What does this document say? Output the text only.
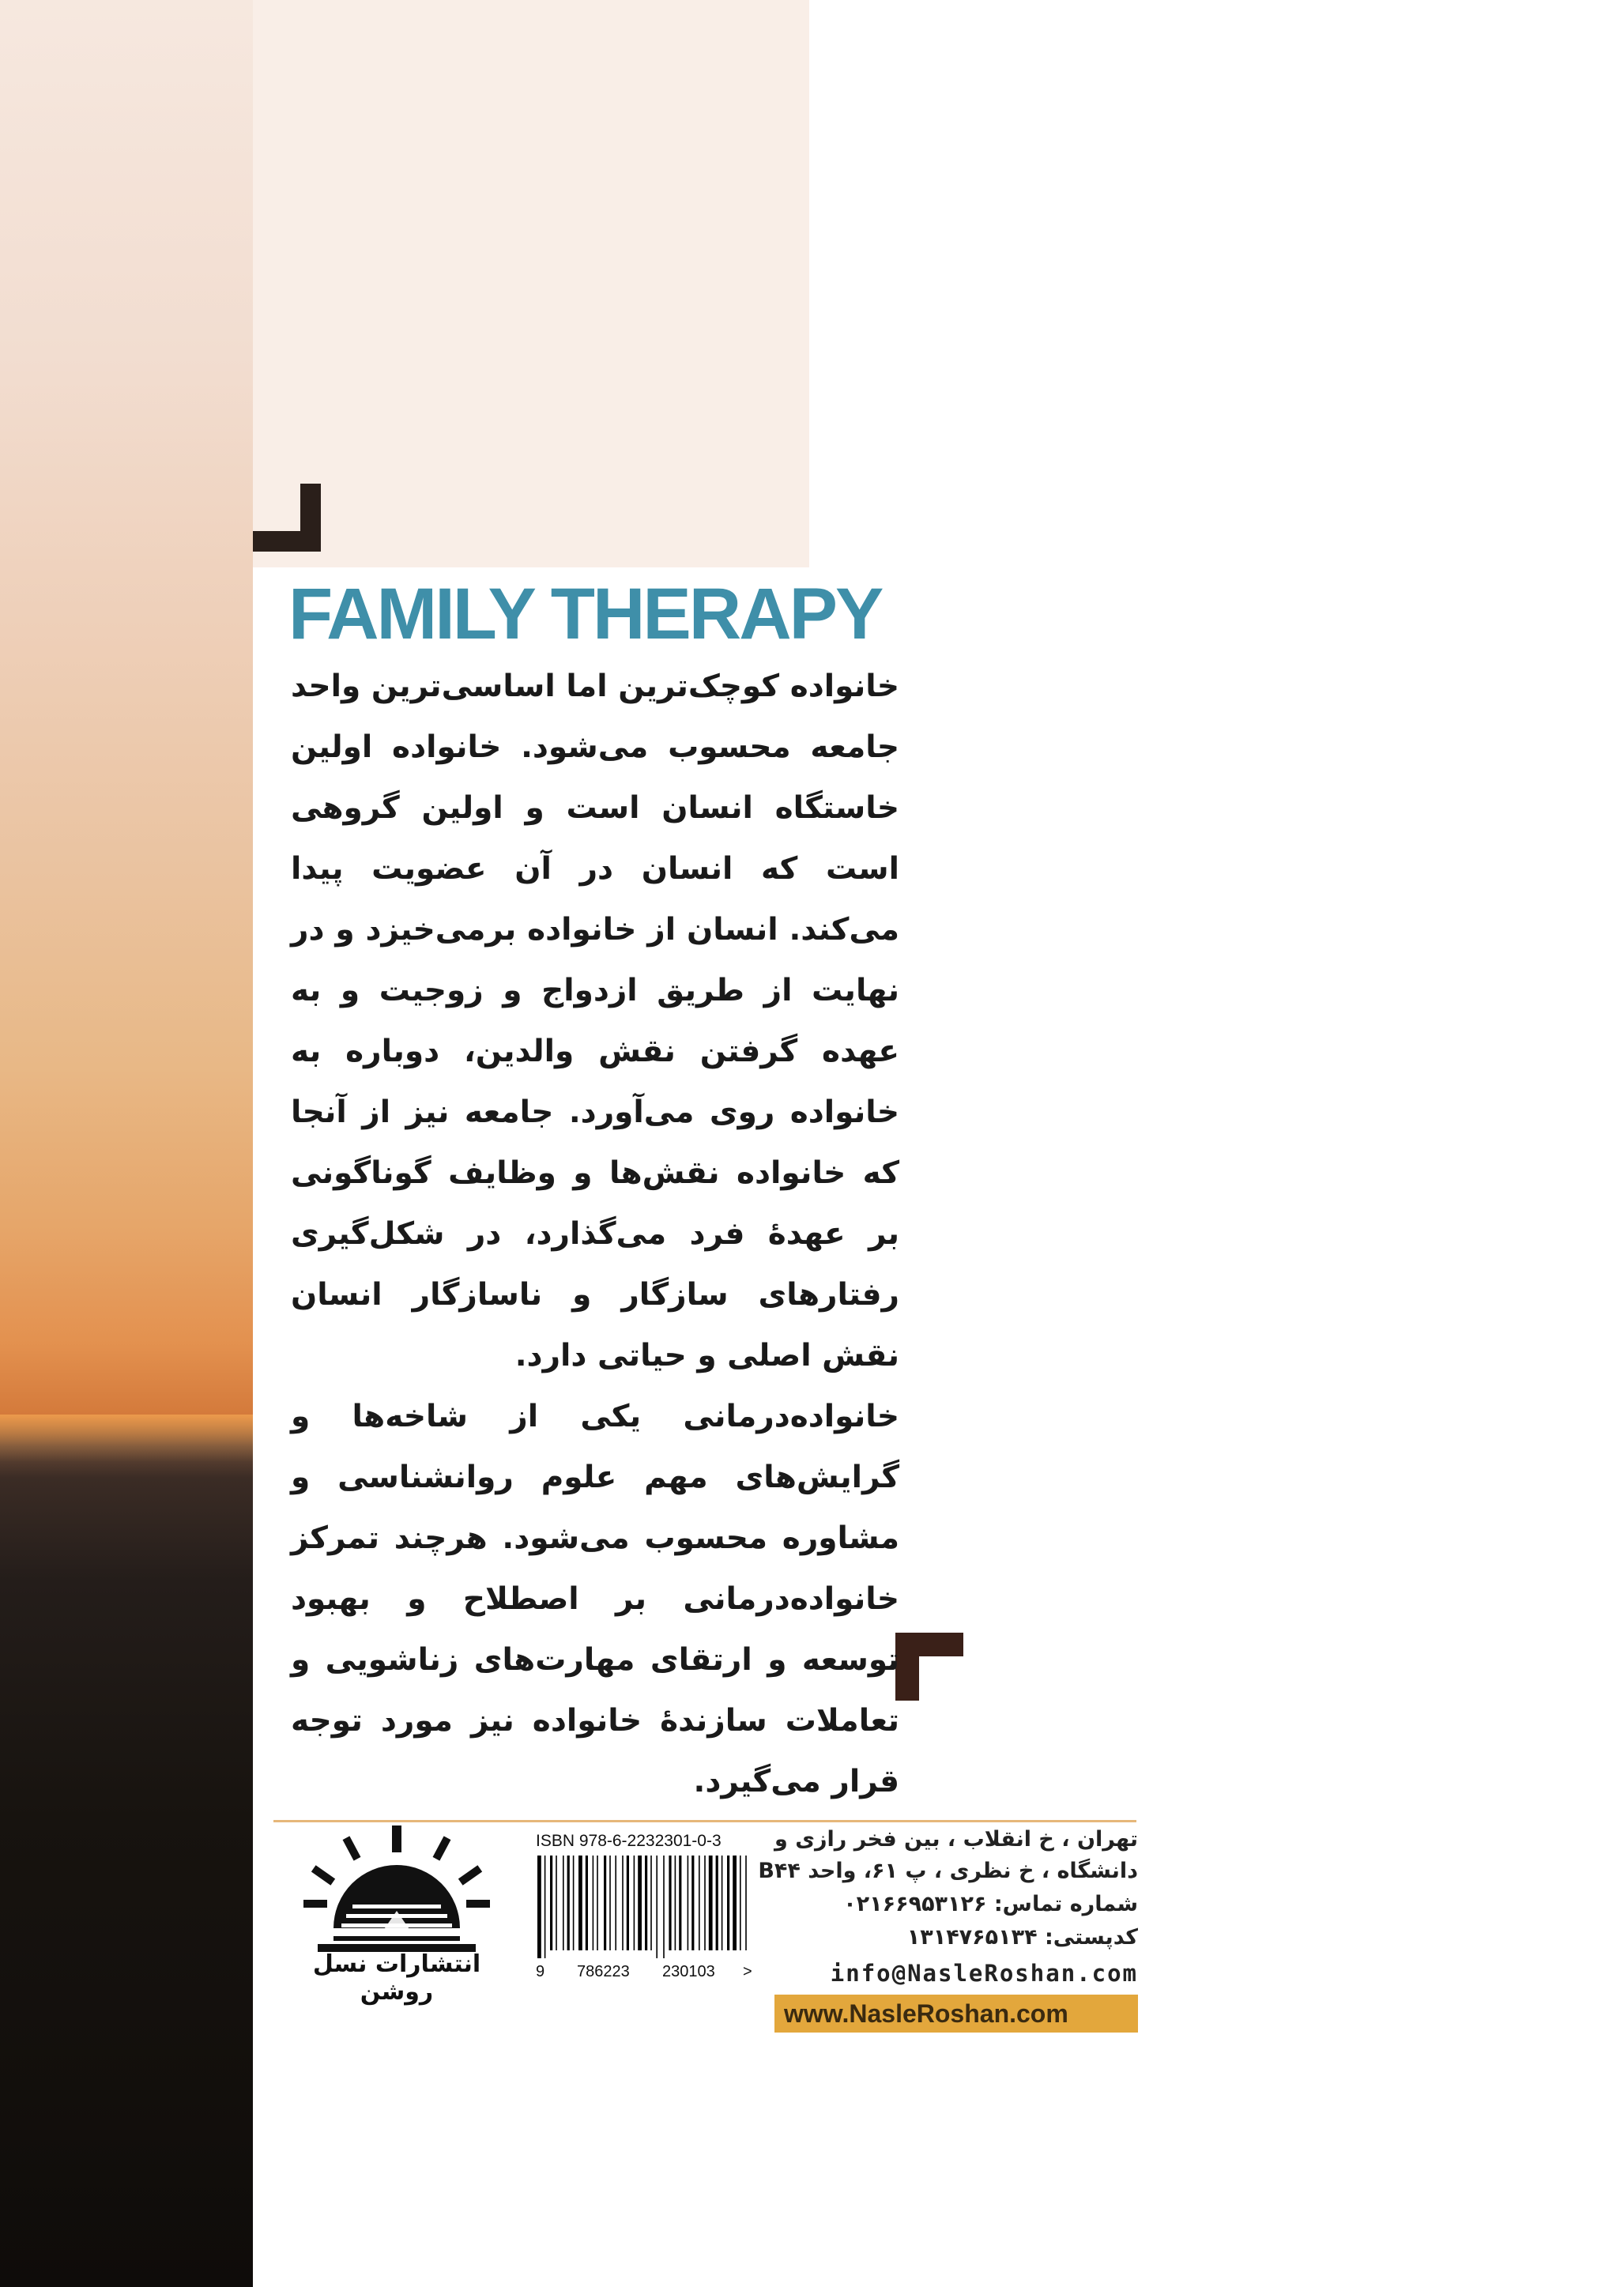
FAMILY THERAPY

خانواده کوچک‌ترین اما اساسی‌ترین واحد جامعه محسوب می‌شود. خانواده اولین خاستگاه انسان است و اولین گروهی است که انسان در آن عضویت پیدا می‌کند. انسان از خانواده برمی‌خیزد و در نهایت از طریق ازدواج و زوجیت و به عهده گرفتن نقش والدین، دوباره به خانواده روی می‌آورد. جامعه نیز از آنجا که خانواده نقش‌ها و وظایف گوناگونی بر عهدهٔ فرد می‌گذارد، در شکل‌گیری رفتارهای سازگار و ناسازگار انسان نقش اصلی و حیاتی دارد.

خانواده‌درمانی یکی از شاخه‌ها و گرایش‌های مهم علوم روانشناسی و مشاوره محسوب می‌شود. هرچند تمرکز خانواده‌درمانی بر اصطلاح و بهبود توسعه و ارتقای مهارت‌های زناشویی و تعاملات سازندهٔ خانواده نیز مورد توجه قرار می‌گیرد.

انتشارات نسل روشن
ISBN 978-6-2232301-0-3
9 786223 230103 >
تهران ، خ انقلاب ، بین فخر رازی و
دانشگاه ، خ نظری ، پ ۶۱، واحد B۴۴
شماره تماس: ۰۲۱۶۶۹۵۳۱۲۶
کدپستی: ۱۳۱۴۷۶۵۱۳۴
info@NasleRoshan.com
www.NasleRoshan.com
